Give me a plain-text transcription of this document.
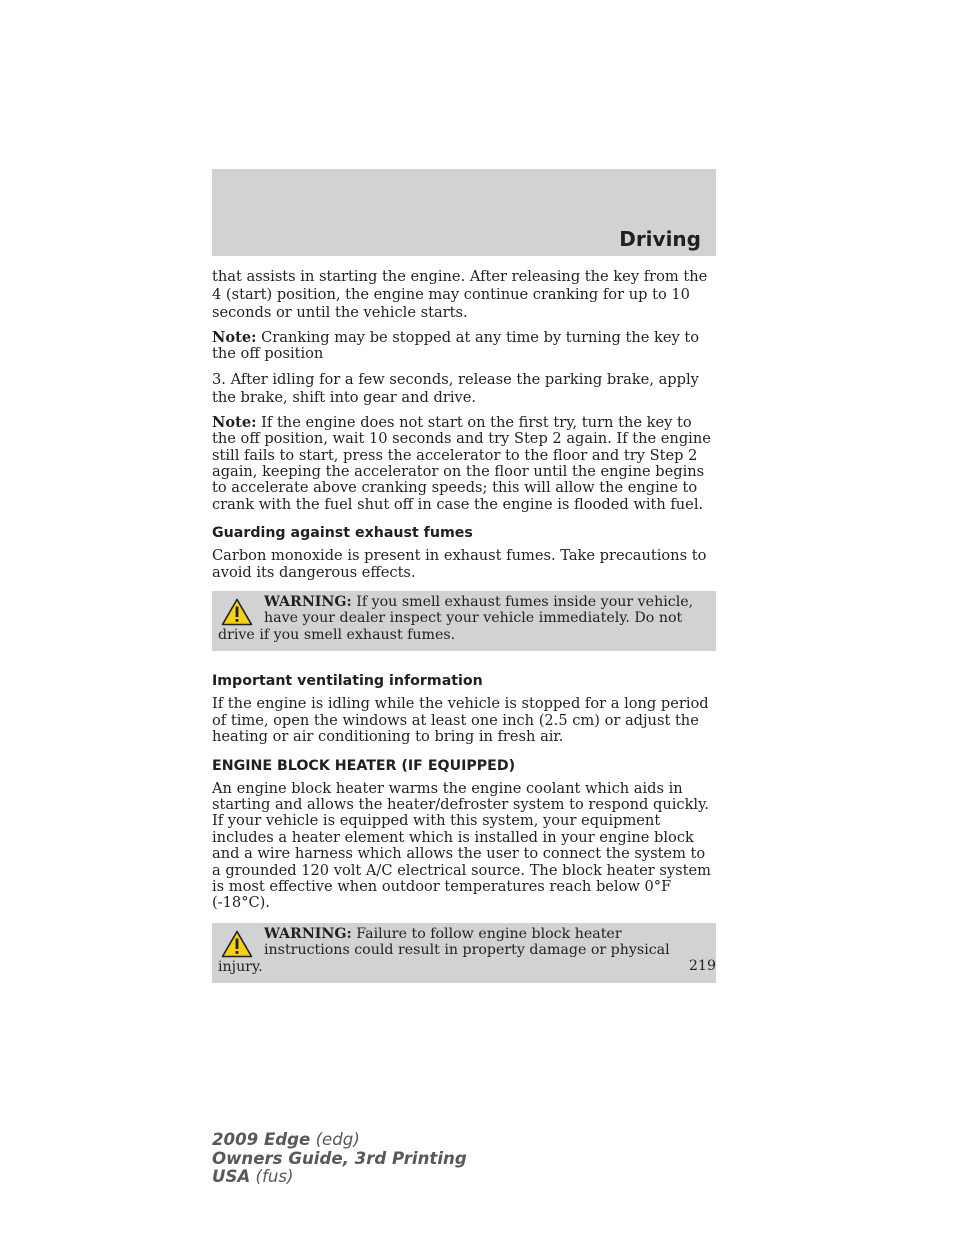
Driving

that assists in starting the engine. After releasing the key from the 4 (start) position, the engine may continue cranking for up to 10 seconds or until the vehicle starts.

Note: Cranking may be stopped at any time by turning the key to the off position

3. After idling for a few seconds, release the parking brake, apply the brake, shift into gear and drive.

Note: If the engine does not start on the first try, turn the key to the off position, wait 10 seconds and try Step 2 again. If the engine still fails to start, press the accelerator to the floor and try Step 2 again, keeping the accelerator on the floor until the engine begins to accelerate above cranking speeds; this will allow the engine to crank with the fuel shut off in case the engine is flooded with fuel.

Guarding against exhaust fumes

Carbon monoxide is present in exhaust fumes. Take precautions to avoid its dangerous effects.

WARNING: If you smell exhaust fumes inside your vehicle, have your dealer inspect your vehicle immediately. Do not drive if you smell exhaust fumes.
Important ventilating information

If the engine is idling while the vehicle is stopped for a long period of time, open the windows at least one inch (2.5 cm) or adjust the heating or air conditioning to bring in fresh air.

ENGINE BLOCK HEATER (IF EQUIPPED)

An engine block heater warms the engine coolant which aids in starting and allows the heater/defroster system to respond quickly. If your vehicle is equipped with this system, your equipment includes a heater element which is installed in your engine block and a wire harness which allows the user to connect the system to a grounded 120 volt A/C electrical source. The block heater system is most effective when outdoor temperatures reach below 0°F (-18°C).

WARNING: Failure to follow engine block heater instructions could result in property damage or physical injury.	219
2009 Edge (edg)
Owners Guide, 3rd Printing
USA (fus)
